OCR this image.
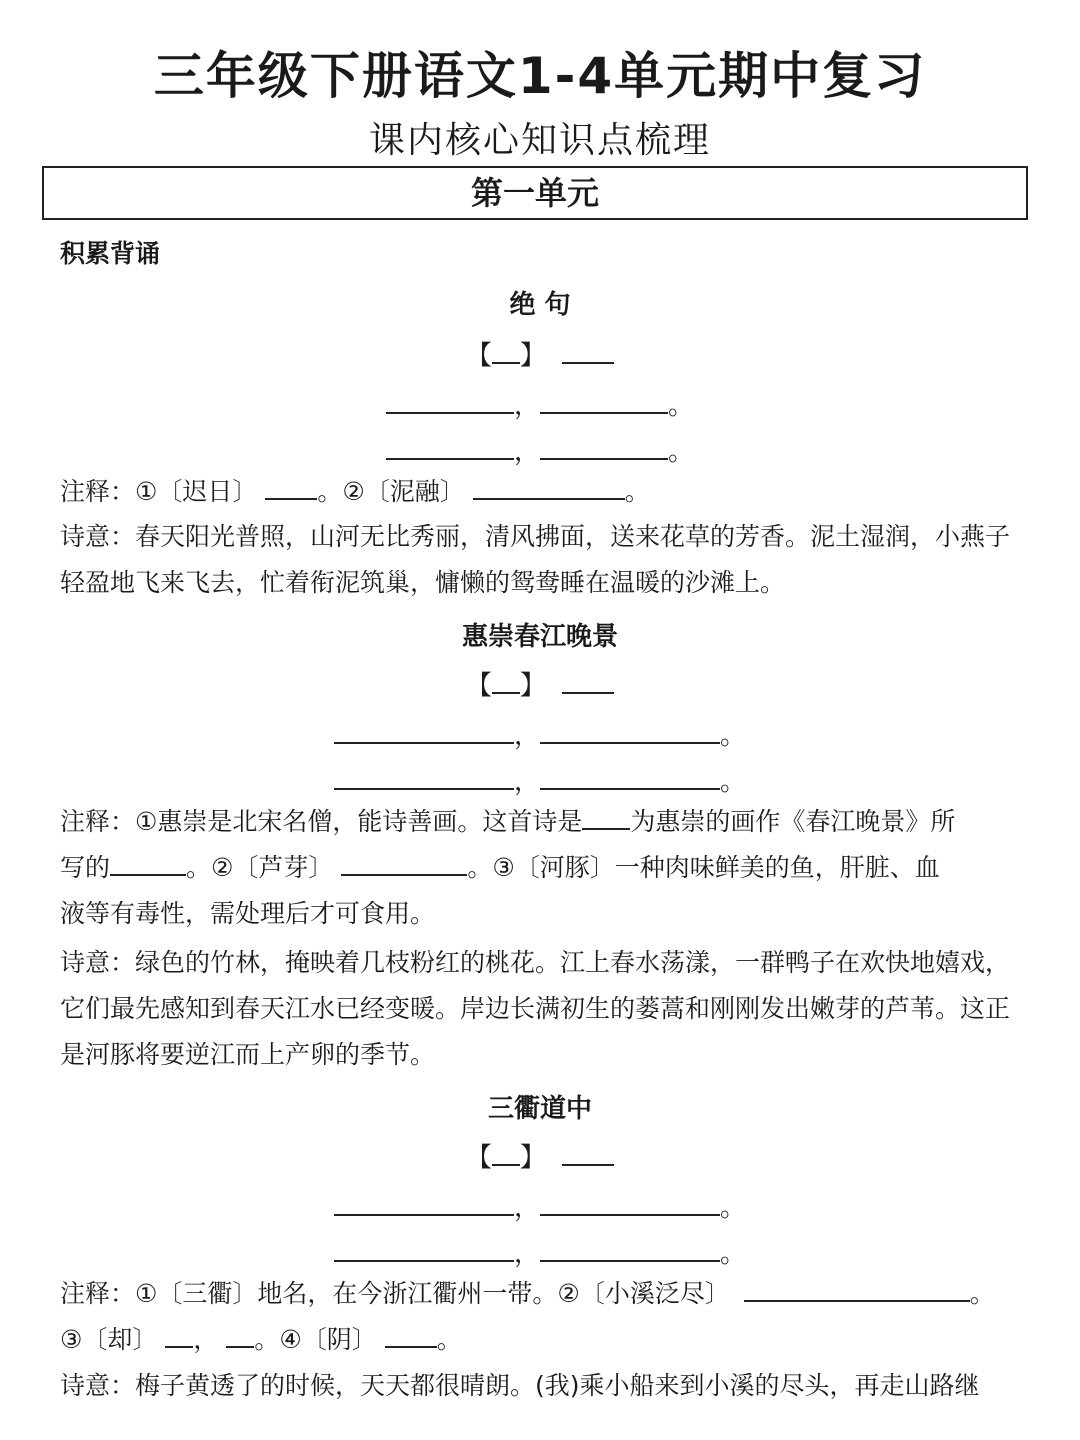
三年级下册语文1-4单元期中复习
课内核心知识点梳理
第一单元
积累背诵
绝 句
【 】
，	。
，	。
注释：①〔迟日〕 。②〔泥融〕	。
诗意：春天阳光普照，山河无比秀丽，清风拂面，送来花草的芳香。泥土湿润，小燕子轻盈地飞来飞去，忙着衔泥筑巢，慵懒的鸳鸯睡在温暖的沙滩上。
惠崇春江晚景
【 】
，	。
，	。
注释：①惠崇是北宋名僧，能诗善画。这首诗是 为惠崇的画作《春江晚景》所
写的	。②〔芦芽〕	。③〔河豚〕一种肉味鲜美的鱼，肝脏、血
液等有毒性，需处理后才可食用。
诗意：绿色的竹林，掩映着几枝粉红的桃花。江上春水荡漾，一群鸭子在欢快地嬉戏，它们最先感知到春天江水已经变暖。岸边长满初生的蒌蒿和刚刚发出嫩芽的芦苇。这正是河豚将要逆江而上产卵的季节。
三衢道中
【 】
，	。
，	。
注释：①〔三衢〕地名，在今浙江衢州一带。②〔小溪泛尽〕	。
③〔却〕 ， 。④〔阴〕 。
诗意：梅子黄透了的时候，天天都很晴朗。(我)乘小船来到小溪的尽头，再走山路继
